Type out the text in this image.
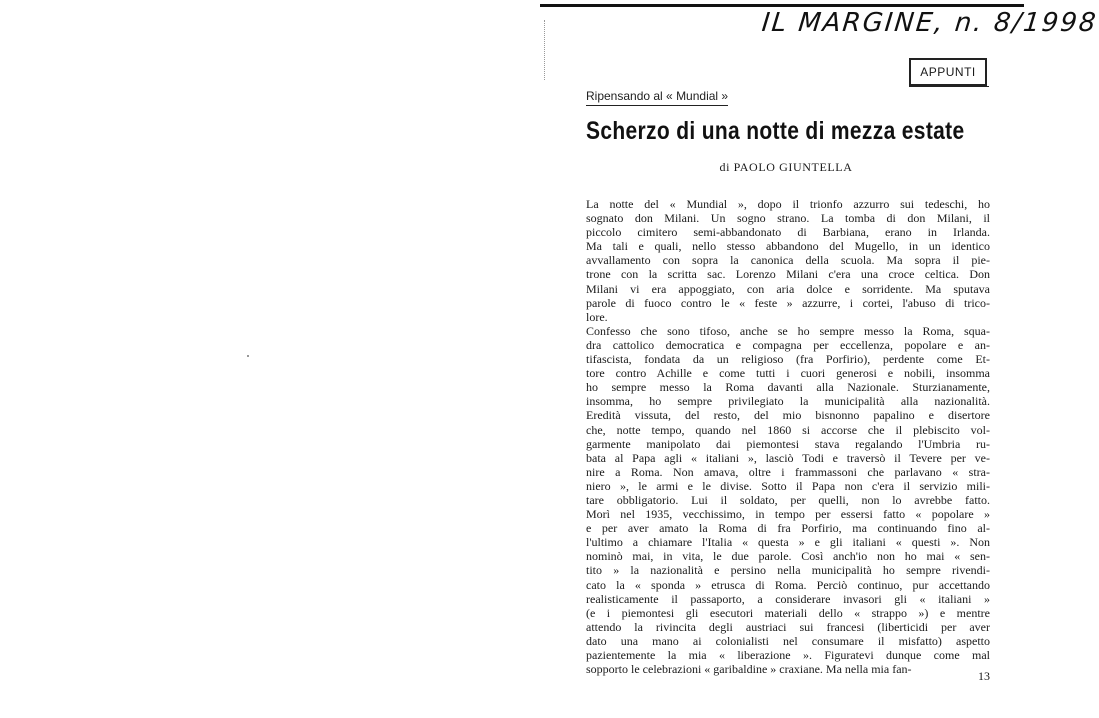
IL MARGINE, n. 8/1998
APPUNTI
Ripensando al « Mundial »
Scherzo di una notte di mezza estate
di PAOLO GIUNTELLA
La notte del « Mundial », dopo il trionfo azzurro sui tedeschi, ho
sognato don Milani. Un sogno strano. La tomba di don Milani, il
piccolo cimitero semi-abbandonato di Barbiana, erano in Irlanda.
Ma tali e quali, nello stesso abbandono del Mugello, in un identico
avvallamento con sopra la canonica della scuola. Ma sopra il pie-
trone con la scritta sac. Lorenzo Milani c'era una croce celtica. Don
Milani vi era appoggiato, con aria dolce e sorridente. Ma sputava
parole di fuoco contro le « feste » azzurre, i cortei, l'abuso di trico-
lore.
Confesso che sono tifoso, anche se ho sempre messo la Roma, squa-
dra cattolico democratica e compagna per eccellenza, popolare e an-
tifascista, fondata da un religioso (fra Porfirio), perdente come Et-
tore contro Achille e come tutti i cuori generosi e nobili, insomma
ho sempre messo la Roma davanti alla Nazionale. Sturzianamente,
insomma, ho sempre privilegiato la municipalità alla nazionalità.
Eredità vissuta, del resto, del mio bisnonno papalino e disertore
che, notte tempo, quando nel 1860 si accorse che il plebiscito vol-
garmente manipolato dai piemontesi stava regalando l'Umbria ru-
bata al Papa agli « italiani », lasciò Todi e traversò il Tevere per ve-
nire a Roma. Non amava, oltre i frammassoni che parlavano « stra-
niero », le armi e le divise. Sotto il Papa non c'era il servizio mili-
tare obbligatorio. Lui il soldato, per quelli, non lo avrebbe fatto.
Morì nel 1935, vecchissimo, in tempo per essersi fatto « popolare »
e per aver amato la Roma di fra Porfirio, ma continuando fino al-
l'ultimo a chiamare l'Italia « questa » e gli italiani « questi ». Non
nominò mai, in vita, le due parole. Così anch'io non ho mai « sen-
tito » la nazionalità e persino nella municipalità ho sempre rivendi-
cato la « sponda » etrusca di Roma. Perciò continuo, pur accettando
realisticamente il passaporto, a considerare invasori gli « italiani »
(e i piemontesi gli esecutori materiali dello « strappo ») e mentre
attendo la rivincita degli austriaci sui francesi (liberticidi per aver
dato una mano ai colonialisti nel consumare il misfatto) aspetto
pazientemente la mia « liberazione ». Figuratevi dunque come mal
sopporto le celebrazioni « garibaldine » craxiane. Ma nella mia fan-	13
